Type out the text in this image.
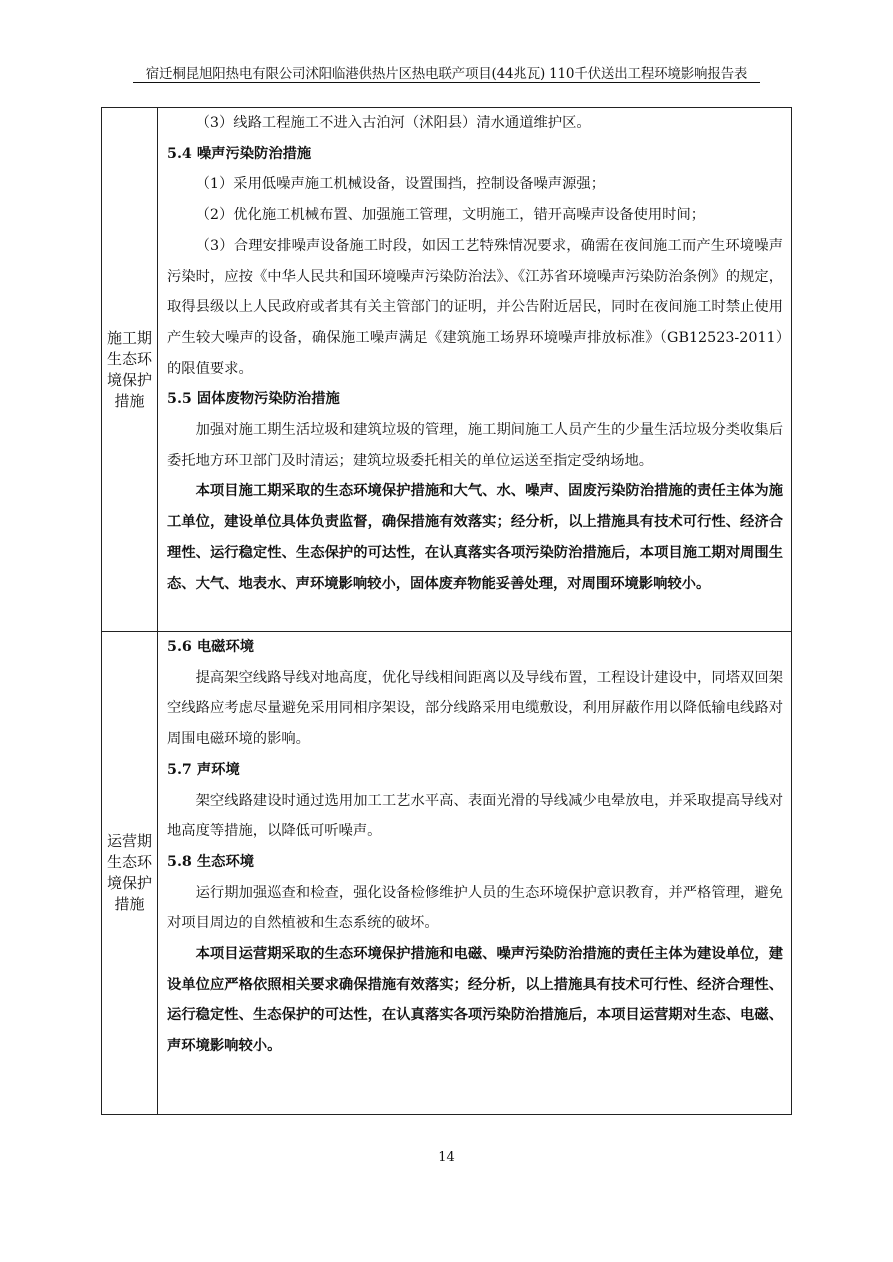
宿迁桐昆旭阳热电有限公司沭阳临港供热片区热电联产项目(44兆瓦) 110千伏送出工程环境影响报告表
施工期生态环境保护措施

（3）线路工程施工不进入古泊河（沭阳县）清水通道维护区。

5.4 噪声污染防治措施

（1）采用低噪声施工机械设备，设置围挡，控制设备噪声源强；

（2）优化施工机械布置、加强施工管理，文明施工，错开高噪声设备使用时间；

（3）合理安排噪声设备施工时段，如因工艺特殊情况要求，确需在夜间施工而产生环境噪声污染时，应按《中华人民共和国环境噪声污染防治法》、《江苏省环境噪声污染防治条例》的规定，取得县级以上人民政府或者其有关主管部门的证明，并公告附近居民，同时在夜间施工时禁止使用产生较大噪声的设备，确保施工噪声满足《建筑施工场界环境噪声排放标准》（GB12523-2011）的限值要求。

5.5 固体废物污染防治措施

加强对施工期生活垃圾和建筑垃圾的管理，施工期间施工人员产生的少量生活垃圾分类收集后委托地方环卫部门及时清运；建筑垃圾委托相关的单位运送至指定受纳场地。

本项目施工期采取的生态环境保护措施和大气、水、噪声、固废污染防治措施的责任主体为施工单位，建设单位具体负责监督，确保措施有效落实；经分析，以上措施具有技术可行性、经济合理性、运行稳定性、生态保护的可达性，在认真落实各项污染防治措施后，本项目施工期对周围生态、大气、地表水、声环境影响较小，固体废弃物能妥善处理，对周围环境影响较小。

运营期生态环境保护措施

5.6 电磁环境

提高架空线路导线对地高度，优化导线相间距离以及导线布置，工程设计建设中，同塔双回架空线路应考虑尽量避免采用同相序架设，部分线路采用电缆敷设，利用屏蔽作用以降低输电线路对周围电磁环境的影响。

5.7 声环境

架空线路建设时通过选用加工工艺水平高、表面光滑的导线减少电晕放电，并采取提高导线对地高度等措施，以降低可听噪声。

5.8 生态环境

运行期加强巡查和检查，强化设备检修维护人员的生态环境保护意识教育，并严格管理，避免对项目周边的自然植被和生态系统的破坏。

本项目运营期采取的生态环境保护措施和电磁、噪声污染防治措施的责任主体为建设单位，建设单位应严格依照相关要求确保措施有效落实；经分析，以上措施具有技术可行性、经济合理性、运行稳定性、生态保护的可达性，在认真落实各项污染防治措施后，本项目运营期对生态、电磁、声环境影响较小。

14
